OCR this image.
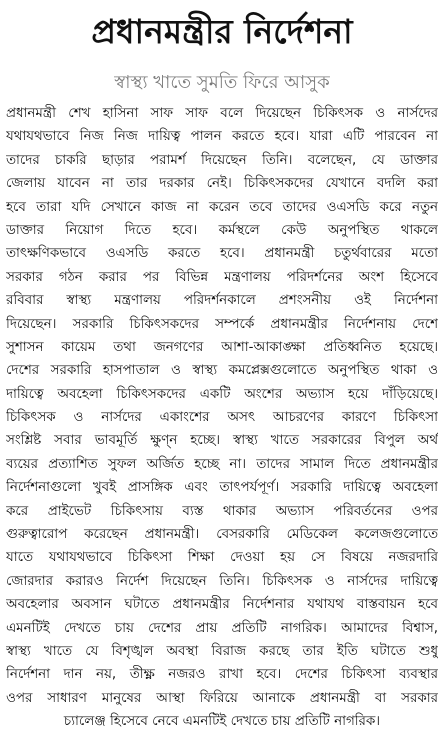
প্রধানমন্ত্রীর নির্দেশনা
স্বাস্থ্য খাতে সুমতি ফিরে আসুক
প্রধানমন্ত্রী শেখ হাসিনা সাফ সাফ বলে দিয়েছেন চিকিৎসক ও নার্সদের
যথাযথভাবে নিজ নিজ দায়িত্ব পালন করতে হবে। যারা এটি পারবেন না
তাদের চাকরি ছাড়ার পরামর্শ দিয়েছেন তিনি। বলেছেন, যে ডাক্তার
জেলায় যাবেন না তার দরকার নেই। চিকিৎসকদের যেখানে বদলি করা
হবে তারা যদি সেখানে কাজ না করেন তবে তাদের ওএসডি করে নতুন
ডাক্তার নিয়োগ দিতে হবে। কর্মস্থলে কেউ অনুপস্থিত থাকলে
তাৎক্ষণিকভাবে ওএসডি করতে হবে। প্রধানমন্ত্রী চতুর্থবারের মতো
সরকার গঠন করার পর বিভিন্ন মন্ত্রণালয় পরিদর্শনের অংশ হিসেবে
রবিবার স্বাস্থ্য মন্ত্রণালয় পরিদর্শনকালে প্রশংসনীয় ওই নির্দেশনা
দিয়েছেন। সরকারি চিকিৎসকদের সম্পর্কে প্রধানমন্ত্রীর নির্দেশনায় দেশে
সুশাসন কায়েম তথা জনগণের আশা-আকাঙ্ক্ষা প্রতিধ্বনিত হয়েছে।
দেশের সরকারি হাসপাতাল ও স্বাস্থ্য কমপ্লেক্সগুলোতে অনুপস্থিত থাকা ও
দায়িত্বে অবহেলা চিকিৎসকদের একটি অংশের অভ্যাস হয়ে দাঁড়িয়েছে।
চিকিৎসক ও নার্সদের একাংশের অসৎ আচরণের কারণে চিকিৎসা
সংশ্লিষ্ট সবার ভাবমূর্তি ক্ষুণ্ন হচ্ছে। স্বাস্থ্য খাতে সরকারের বিপুল অর্থ
ব্যয়ের প্রত্যাশিত সুফল অর্জিত হচ্ছে না। তাদের সামাল দিতে প্রধানমন্ত্রীর
নির্দেশনাগুলো খুবই প্রাসঙ্গিক এবং তাৎপর্যপূর্ণ। সরকারি দায়িত্বে অবহেলা
করে প্রাইভেট চিকিৎসায় ব্যস্ত থাকার অভ্যাস পরিবর্তনের ওপর
গুরুত্বারোপ করেছেন প্রধানমন্ত্রী। বেসরকারি মেডিকেল কলেজগুলোতে
যাতে যথাযথভাবে চিকিৎসা শিক্ষা দেওয়া হয় সে বিষয়ে নজরদারি
জোরদার করারও নির্দেশ দিয়েছেন তিনি। চিকিৎসক ও নার্সদের দায়িত্বে
অবহেলার অবসান ঘটাতে প্রধানমন্ত্রীর নির্দেশনার যথাযথ বাস্তবায়ন হবে
এমনটিই দেখতে চায় দেশের প্রায় প্রতিটি নাগরিক। আমাদের বিশ্বাস,
স্বাস্থ্য খাতে যে বিশৃঙ্খল অবস্থা বিরাজ করছে তার ইতি ঘটাতে শুধু
নির্দেশনা দান নয়, তীক্ষ্ণ নজরও রাখা হবে। দেশের চিকিৎসা ব্যবস্থার
ওপর সাধারণ মানুষের আস্থা ফিরিয়ে আনাকে প্রধানমন্ত্রী বা সরকার
চ্যালেঞ্জ হিসেবে নেবে এমনটিই দেখতে চায় প্রতিটি নাগরিক।
